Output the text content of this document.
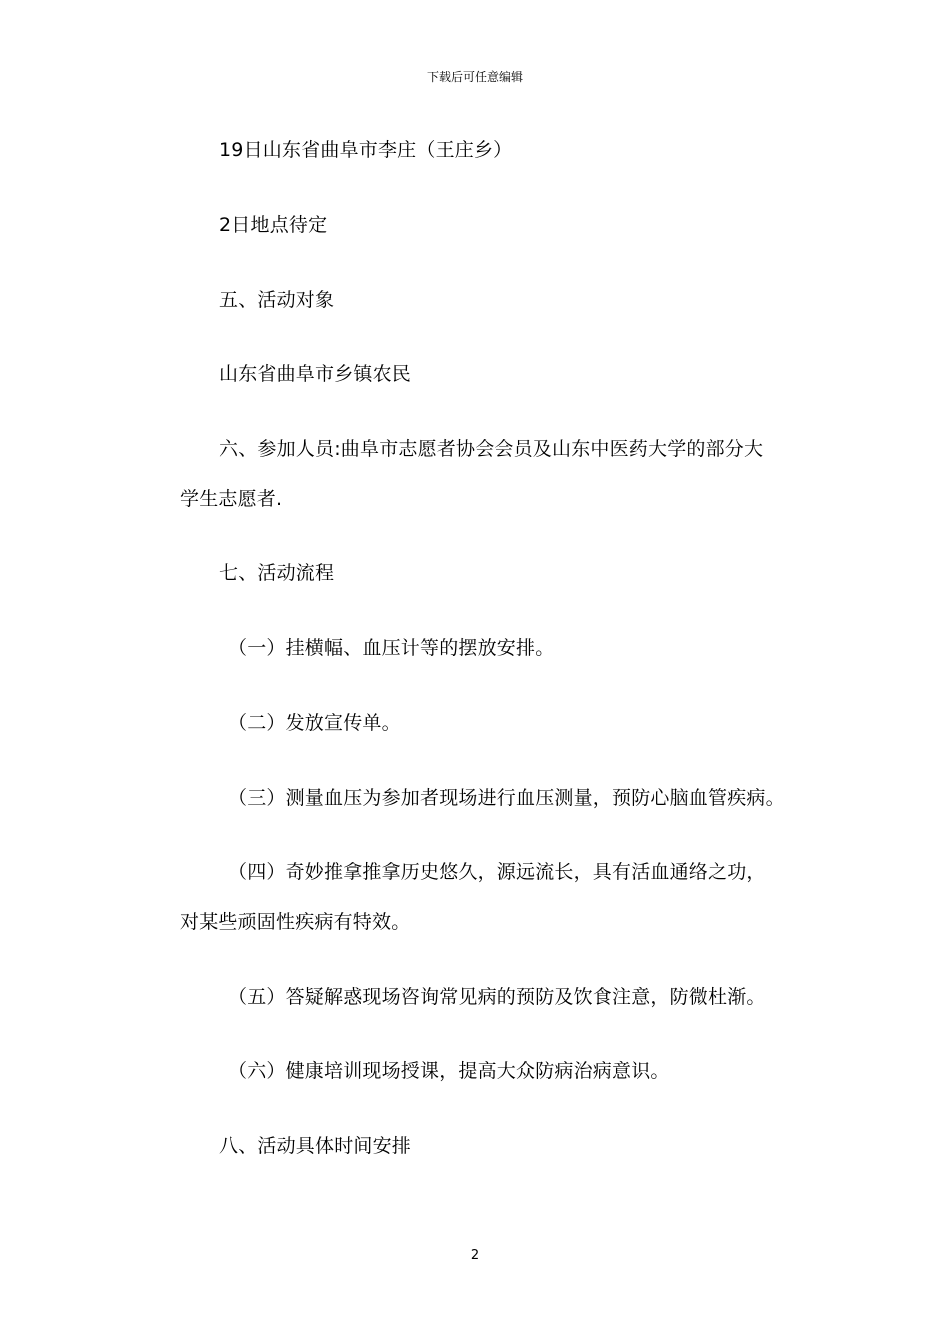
下载后可任意编辑
19日山东省曲阜市李庄（王庄乡）
2日地点待定
五、活动对象
山东省曲阜市乡镇农民
六、参加人员:曲阜市志愿者协会会员及山东中医药大学的部分大
学生志愿者.
七、活动流程
（一）挂横幅、血压计等的摆放安排。
（二）发放宣传单。
（三）测量血压为参加者现场进行血压测量，预防心脑血管疾病。
（四）奇妙推拿推拿历史悠久，源远流长，具有活血通络之功，
对某些顽固性疾病有特效。
（五）答疑解惑现场咨询常见病的预防及饮食注意，防微杜渐。
（六）健康培训现场授课，提高大众防病治病意识。
八、活动具体时间安排
2
